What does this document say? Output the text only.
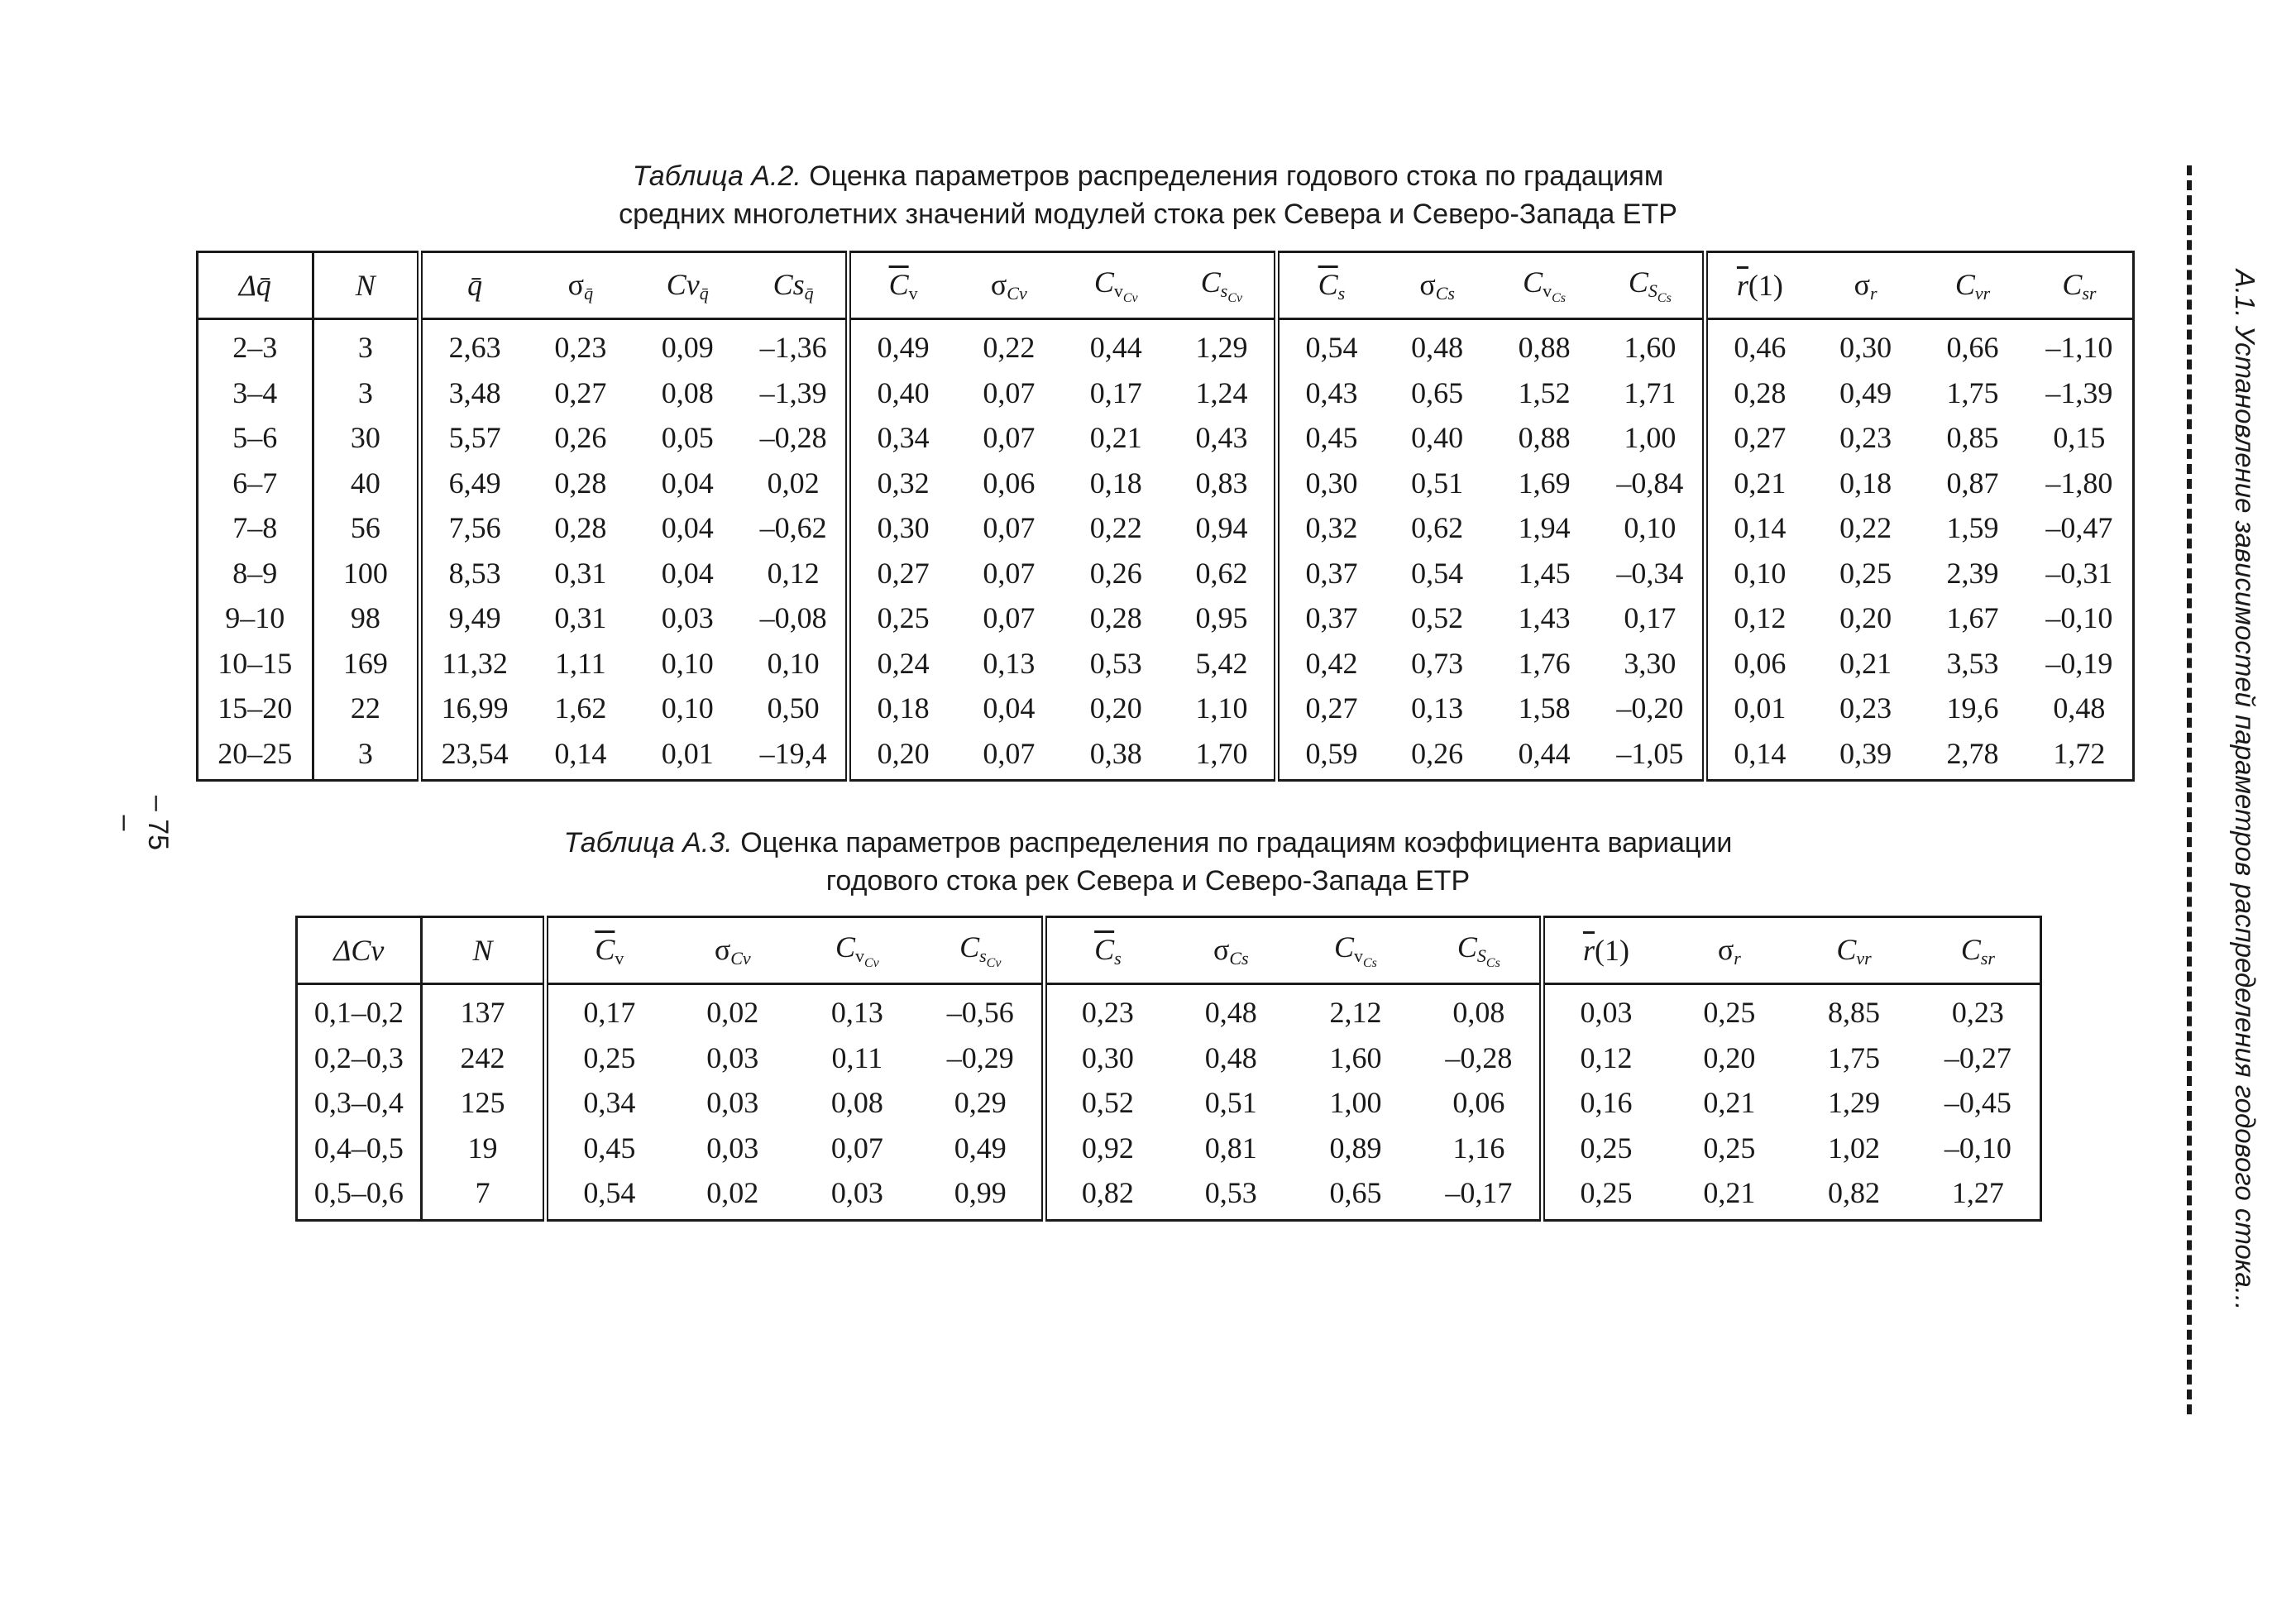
– 75 –
Таблица А.2. Оценка параметров распределения годового стока по градациям
средних многолетних значений модулей стока рек Севера и Северо-Запада ЕТР
Δq̄	N	q̄	$\sigma_{q̄}$	$Cv_{q̄}$	$Cs_{q̄}$	$\overline{C}_v$	$\sigma_{Cv}$	$C_{v_{Cv}}$	$C_{s_{Cv}}$	$\overline{C}_s$	$\sigma_{Cs}$	$C_{v_{Cs}}$	$C_{S_{Cs}}$	$\overline{r}(1)$	$\sigma_r$	$C_{vr}$	$C_{sr}$
2–3	3	2,63	0,23	0,09	–1,36	0,49	0,22	0,44	1,29	0,54	0,48	0,88	1,60	0,46	0,30	0,66	–1,10
3–4	3	3,48	0,27	0,08	–1,39	0,40	0,07	0,17	1,24	0,43	0,65	1,52	1,71	0,28	0,49	1,75	–1,39
5–6	30	5,57	0,26	0,05	–0,28	0,34	0,07	0,21	0,43	0,45	0,40	0,88	1,00	0,27	0,23	0,85	0,15
6–7	40	6,49	0,28	0,04	0,02	0,32	0,06	0,18	0,83	0,30	0,51	1,69	–0,84	0,21	0,18	0,87	–1,80
7–8	56	7,56	0,28	0,04	–0,62	0,30	0,07	0,22	0,94	0,32	0,62	1,94	0,10	0,14	0,22	1,59	–0,47
8–9	100	8,53	0,31	0,04	0,12	0,27	0,07	0,26	0,62	0,37	0,54	1,45	–0,34	0,10	0,25	2,39	–0,31
9–10	98	9,49	0,31	0,03	–0,08	0,25	0,07	0,28	0,95	0,37	0,52	1,43	0,17	0,12	0,20	1,67	–0,10
10–15	169	11,32	1,11	0,10	0,10	0,24	0,13	0,53	5,42	0,42	0,73	1,76	3,30	0,06	0,21	3,53	–0,19
15–20	22	16,99	1,62	0,10	0,50	0,18	0,04	0,20	1,10	0,27	0,13	1,58	–0,20	0,01	0,23	19,6	0,48
20–25	3	23,54	0,14	0,01	–19,4	0,20	0,07	0,38	1,70	0,59	0,26	0,44	–1,05	0,14	0,39	2,78	1,72
Таблица А.3. Оценка параметров распределения по градациям коэффициента вариации
годового стока рек Севера и Северо-Запада ЕТР
ΔCv	N	$\overline{C}_v$	$\sigma_{Cv}$	$C_{v_{Cv}}$	$C_{s_{Cv}}$	$\overline{C}_s$	$\sigma_{Cs}$	$C_{v_{Cs}}$	$C_{S_{Cs}}$	$\overline{r}(1)$	$\sigma_r$	$C_{vr}$	$C_{sr}$
0,1–0,2	137	0,17	0,02	0,13	–0,56	0,23	0,48	2,12	0,08	0,03	0,25	8,85	0,23
0,2–0,3	242	0,25	0,03	0,11	–0,29	0,30	0,48	1,60	–0,28	0,12	0,20	1,75	–0,27
0,3–0,4	125	0,34	0,03	0,08	0,29	0,52	0,51	1,00	0,06	0,16	0,21	1,29	–0,45
0,4–0,5	19	0,45	0,03	0,07	0,49	0,92	0,81	0,89	1,16	0,25	0,25	1,02	–0,10
0,5–0,6	7	0,54	0,02	0,03	0,99	0,82	0,53	0,65	–0,17	0,25	0,21	0,82	1,27	А.1. Установление зависимостей параметров распределения годового стока...
